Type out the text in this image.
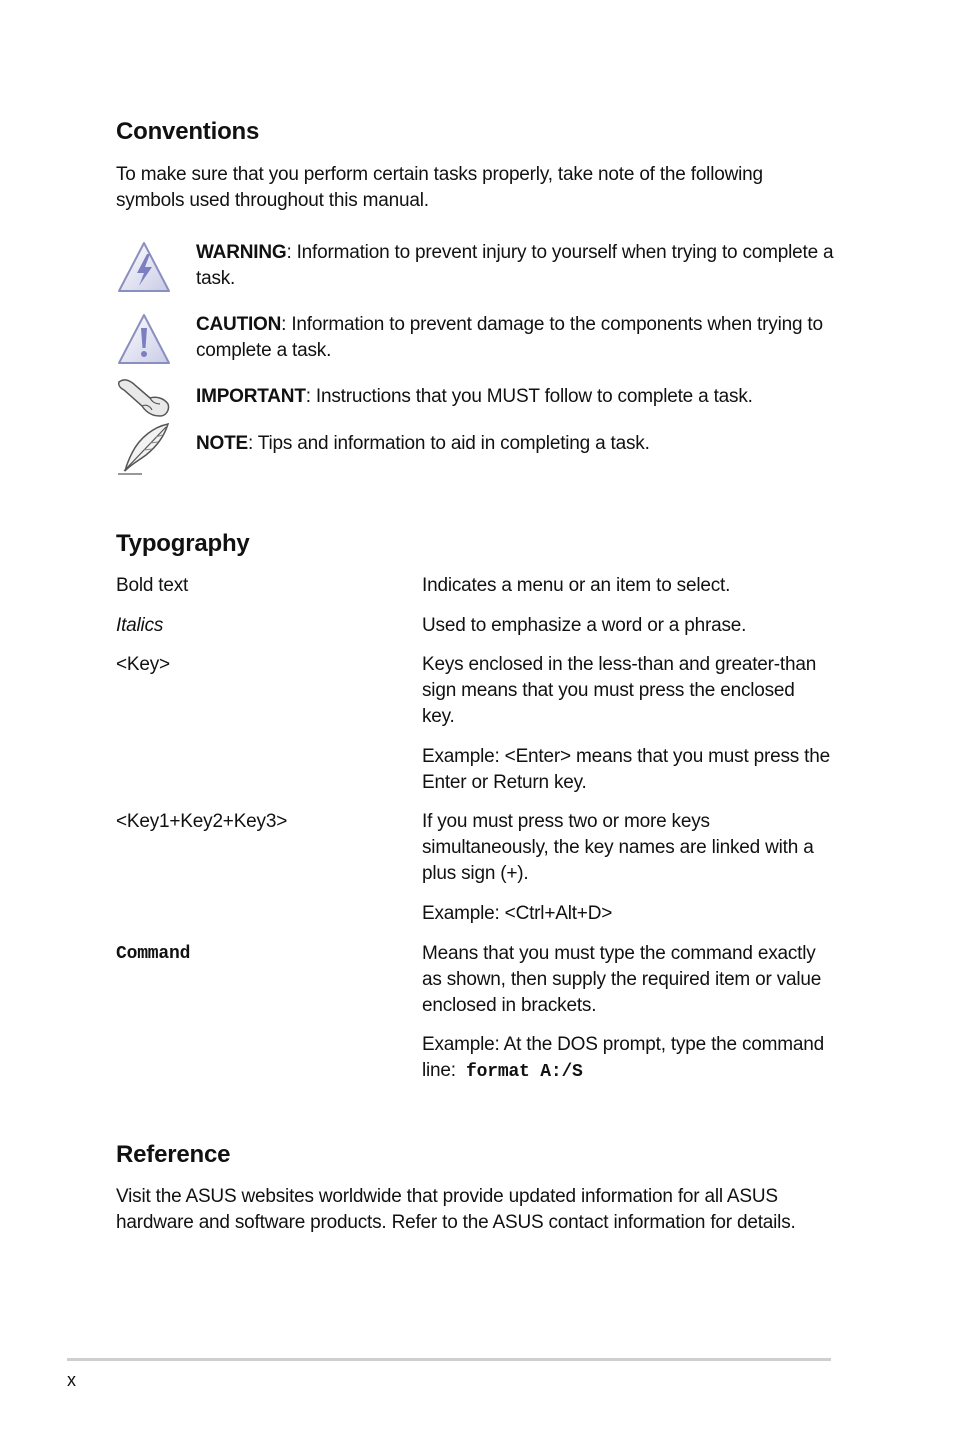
Conventions

To make sure that you perform certain tasks properly, take note of the following symbols used throughout this manual.

WARNING: Information to prevent injury to yourself when trying to complete a task.
CAUTION: Information to prevent damage to the components when trying to complete a task.
IMPORTANT: Instructions that you MUST follow to complete a task.
NOTE: Tips and information to aid in completing a task.
Typography
Bold text	Indicates a menu or an item to select.
Italics	Used to emphasize a word or a phrase.
<Key>	Keys enclosed in the less-than and greater-than sign means that you must press the enclosed key.
Example: <Enter> means that you must press the Enter or Return key.
<Key1+Key2+Key3>	If you must press two or more keys simultaneously, the key names are linked with a plus sign (+).
Example: <Ctrl+Alt+D>
Command	Means that you must type the command exactly as shown, then supply the required item or value enclosed in brackets.
Example: At the DOS prompt, type the command line: format A:/S
Reference

Visit the ASUS websites worldwide that provide updated information for all ASUS hardware and software products. Refer to the ASUS contact information for details.

x
